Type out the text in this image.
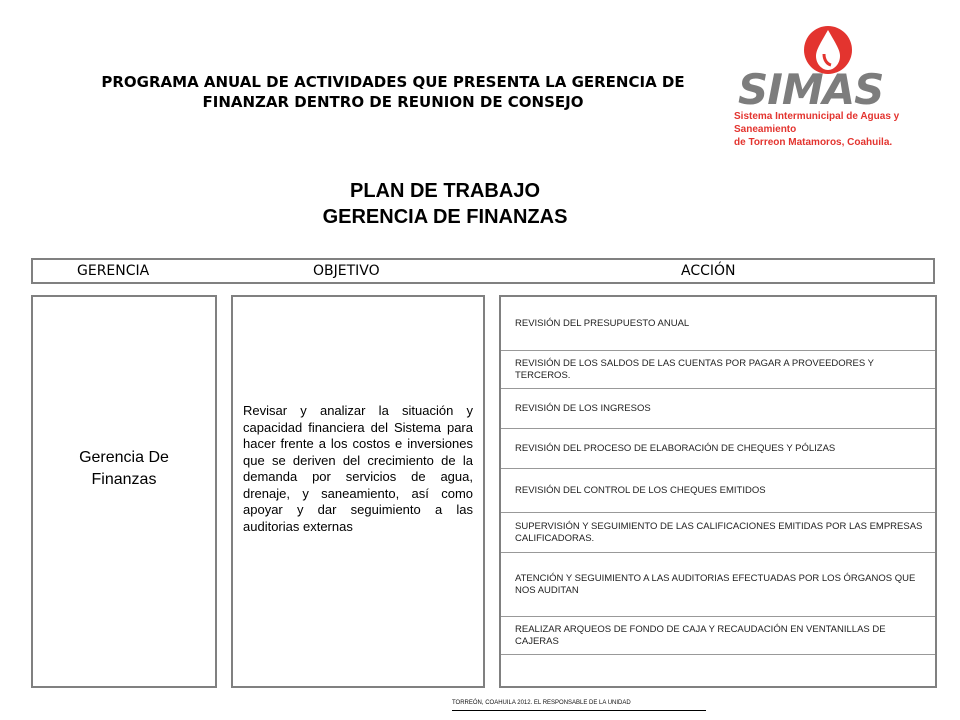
PROGRAMA ANUAL DE ACTIVIDADES QUE PRESENTA LA GERENCIA DE
FINANZAR DENTRO DE REUNION DE CONSEJO	SIMAS
Sistema Intermunicipal de Aguas y Saneamiento
de Torreon Matamoros, Coahuila.
PLAN DE TRABAJO
GERENCIA DE FINANZAS
GERENCIA	OBJETIVO	ACCIÓN
Gerencia De
Finanzas
Revisar y analizar la situación y capacidad financiera del Sistema para hacer frente a los costos e inversiones que se deriven del crecimiento de la demanda por servicios de agua, drenaje, y saneamiento, así como apoyar y dar seguimiento a las auditorias externas
REVISIÓN DEL PRESUPUESTO ANUAL
REVISIÓN DE LOS SALDOS DE LAS CUENTAS POR PAGAR A PROVEEDORES Y TERCEROS.
REVISIÓN DE LOS INGRESOS
REVISIÓN DEL PROCESO DE ELABORACIÓN DE CHEQUES Y PÓLIZAS
REVISIÓN DEL CONTROL DE LOS CHEQUES EMITIDOS
SUPERVISIÓN Y SEGUIMIENTO DE LAS CALIFICACIONES EMITIDAS POR LAS EMPRESAS CALIFICADORAS.
ATENCIÓN Y SEGUIMIENTO A LAS AUDITORIAS EFECTUADAS POR LOS ÓRGANOS QUE NOS AUDITAN
REALIZAR ARQUEOS DE FONDO DE CAJA Y RECAUDACIÓN EN VENTANILLAS DE CAJERAS
TORREÓN, COAHUILA 2012. EL RESPONSABLE DE LA UNIDAD
